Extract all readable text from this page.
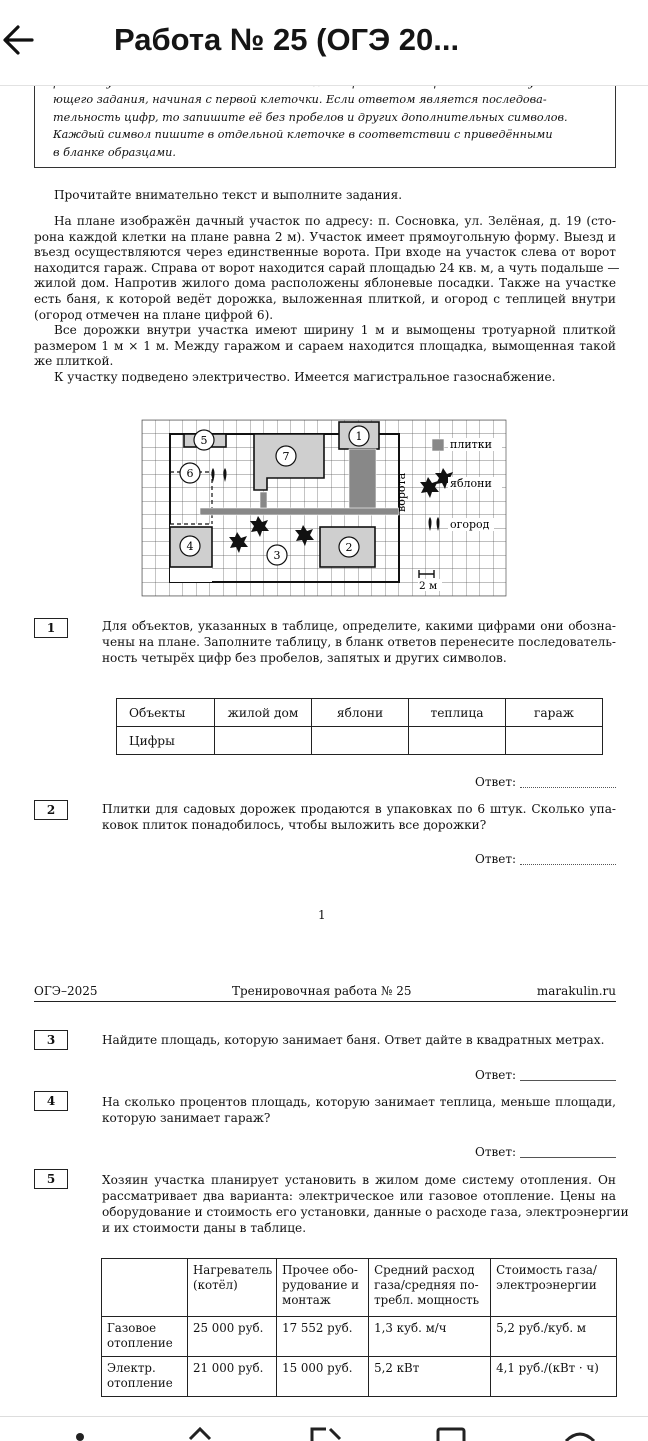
Работа № 25 (ОГЭ 20...
ющего задания, начиная с первой клеточки. Если ответом является последова-
тельность цифр, то запишите её без пробелов и других дополнительных символов.
Каждый символ пишите в отдельной клеточке в соответствии с приведёнными
в бланке образцами.
Прочитайте внимательно текст и выполните задания.
На плане изображён дачный участок по адресу: п. Сосновка, ул. Зелёная, д. 19 (сто-
рона каждой клетки на плане равна 2 м). Участок имеет прямоугольную форму. Выезд и
въезд осуществляются через единственные ворота. При входе на участок слева от ворот
находится гараж. Справа от ворот находится сарай площадью 24 кв. м, а чуть подальше —
жилой дом. Напротив жилого дома расположены яблоневые посадки. Также на участке
есть баня, к которой ведёт дорожка, выложенная плиткой, и огород с теплицей внутри
(огород отмечен на плане цифрой 6).
Все дорожки внутри участка имеют ширину 1 м и вымощены тротуарной плиткой
размером 1 м × 1 м. Между гаражом и сараем находится площадка, вымощенная такой
же плиткой.
К участку подведено электричество. Имеется магистральное газоснабжение.
1
2
3
4
5
6
7
ворота
плитки
яблони
огород
2 м
1	Для объектов, указанных в таблице, определите, какими цифрами они обозна-
чены на плане. Заполните таблицу, в бланк ответов перенесите последователь-
ность четырёх цифр без пробелов, запятых и других символов.
Объекты	жилой дом	яблони	теплица	гараж
Цифры				
Ответ:
2	Плитки для садовых дорожек продаются в упаковках по 6 штук. Сколько упа-
ковок плиток понадобилось, чтобы выложить все дорожки?
Ответ:
1
ОГЭ–2025	Тренировочная работа № 25	marakulin.ru
3	Найдите площадь, которую занимает баня. Ответ дайте в квадратных метрах.
Ответ:
4	На сколько процентов площадь, которую занимает теплица, меньше площади,
которую занимает гараж?
Ответ:
5	Хозяин участка планирует установить в жилом доме систему отопления. Он
рассматривает два варианта: электрическое или газовое отопление. Цены на
оборудование и стоимость его установки, данные о расходе газа, электроэнергии
и их стоимости даны в таблице.
	Нагреватель (котёл)	Прочее обо-рудование и монтаж	Средний расход газа/средняя по-требл. мощность	Стоимость газа/ электроэнергии
Газовое отопление	25 000 руб.	17 552 руб.	1,3 куб. м/ч	5,2 руб./куб. м
Электр. отопление	21 000 руб.	15 000 руб.	5,2 кВт	4,1 руб./(кВт · ч)
